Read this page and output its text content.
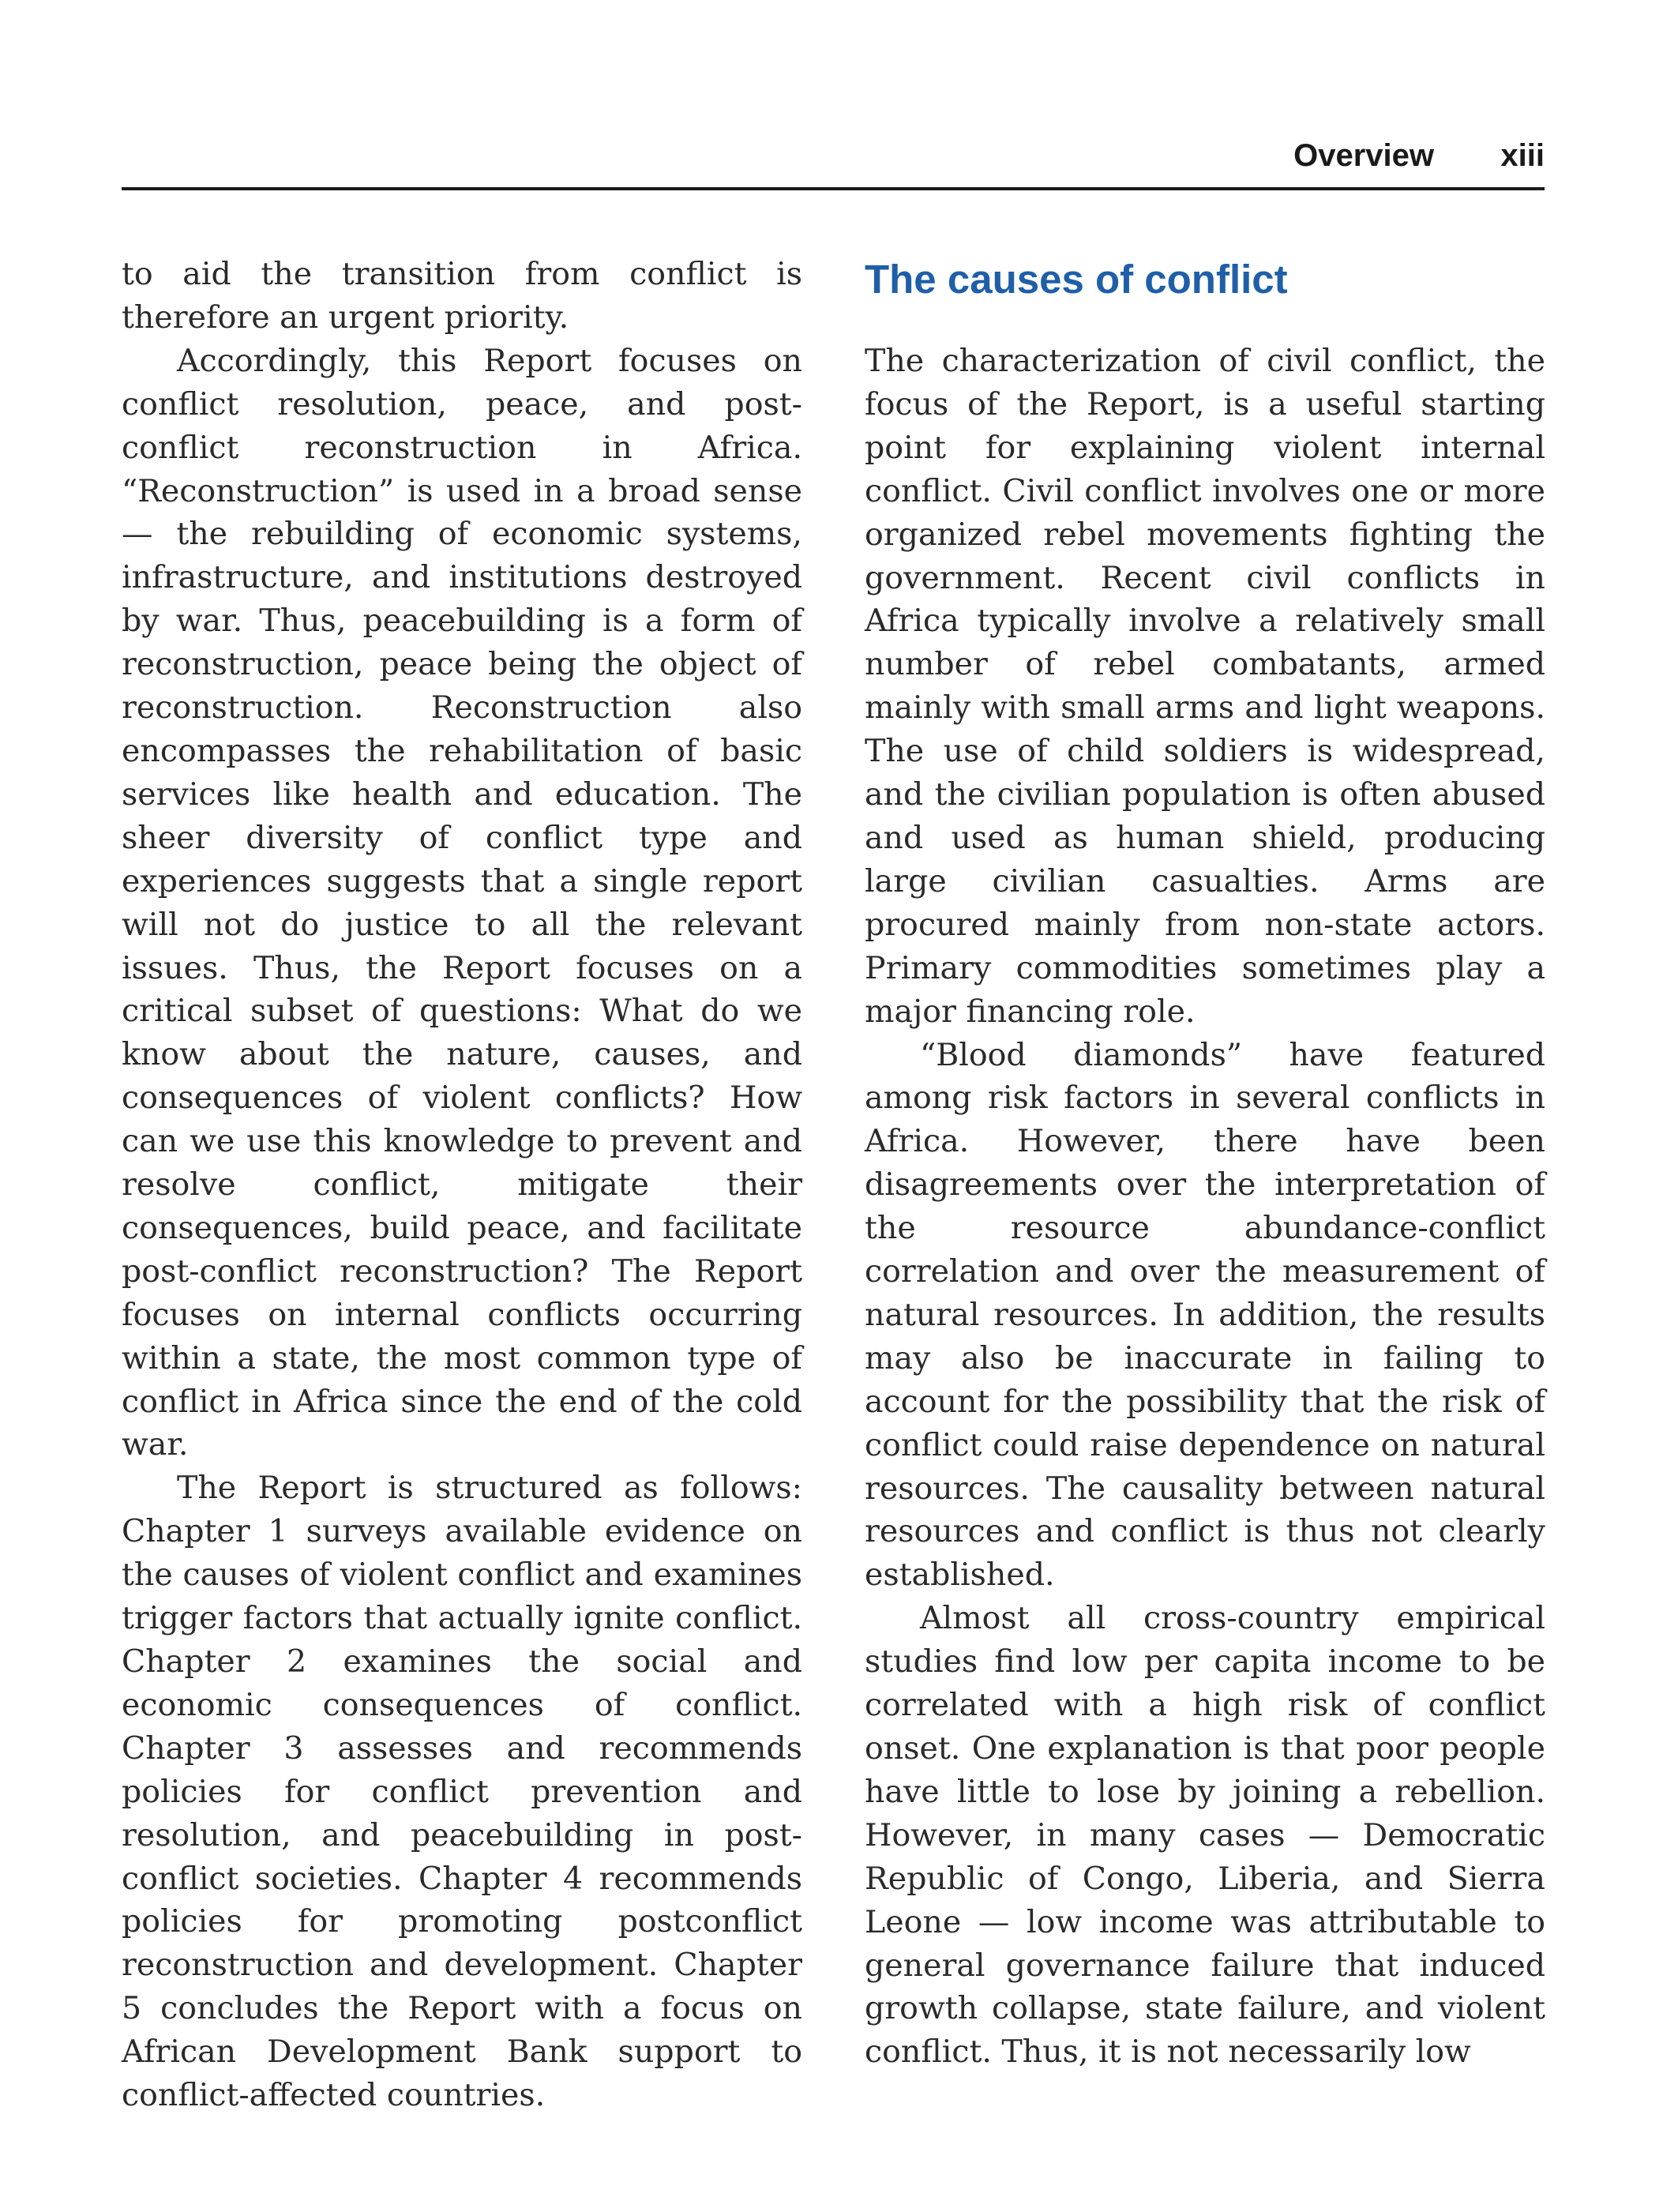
Overview xiii

to aid the transition from conflict is therefore an urgent priority.

Accordingly, this Report focuses on conflict resolution, peace, and post-conflict reconstruction in Africa. “Reconstruction” is used in a broad sense — the rebuilding of economic systems, infrastructure, and institutions destroyed by war. Thus, peacebuilding is a form of reconstruction, peace being the object of reconstruction. Reconstruction also encompasses the rehabilitation of basic services like health and education. The sheer diversity of conflict type and experiences suggests that a single report will not do justice to all the relevant issues. Thus, the Report focuses on a critical subset of questions: What do we know about the nature, causes, and consequences of violent conflicts? How can we use this knowledge to prevent and resolve conflict, mitigate their consequences, build peace, and facilitate post-conflict reconstruction? The Report focuses on internal conflicts occurring within a state, the most common type of conflict in Africa since the end of the cold war.

The Report is structured as follows: Chapter 1 surveys available evidence on the causes of violent conflict and examines trigger factors that actually ignite conflict. Chapter 2 examines the social and economic consequences of conflict. Chapter 3 assesses and recommends policies for conflict prevention and resolution, and peacebuilding in post-conflict societies. Chapter 4 recommends policies for promoting postconflict reconstruction and development. Chapter 5 concludes the Report with a focus on African Development Bank support to conflict-affected countries.

The causes of conflict

The characterization of civil conflict, the focus of the Report, is a useful starting point for explaining violent internal conflict. Civil conflict involves one or more organized rebel movements fighting the government. Recent civil conflicts in Africa typically involve a relatively small number of rebel combatants, armed mainly with small arms and light weapons. The use of child soldiers is widespread, and the civilian population is often abused and used as human shield, producing large civilian casualties. Arms are procured mainly from non-state actors. Primary commodities sometimes play a major financing role.

“Blood diamonds” have featured among risk factors in several conflicts in Africa. However, there have been disagreements over the interpretation of the resource abundance-conflict correlation and over the measurement of natural resources. In addition, the results may also be inaccurate in failing to account for the possibility that the risk of conflict could raise dependence on natural resources. The causality between natural resources and conflict is thus not clearly established.

Almost all cross-country empirical studies find low per capita income to be correlated with a high risk of conflict onset. One explanation is that poor people have little to lose by joining a rebellion. However, in many cases — Democratic Republic of Congo, Liberia, and Sierra Leone — low income was attributable to general governance failure that induced growth collapse, state failure, and violent conflict. Thus, it is not necessarily low
